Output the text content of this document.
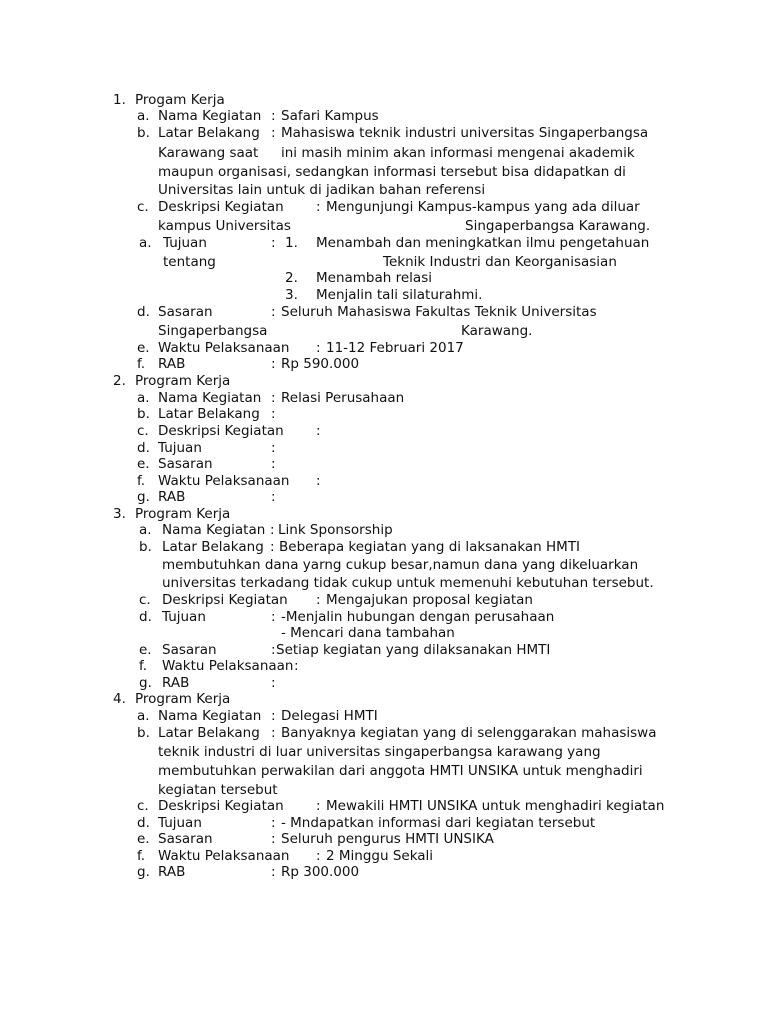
1. Progam Kerja
a. Nama Kegiatan : Safari Kampus
b. Latar Belakang : Mahasiswa teknik industri universitas Singaperbangsa
Karawang saat ini masih minim akan informasi mengenai akademik
maupun organisasi, sedangkan informasi tersebut bisa didapatkan di
Universitas lain untuk di jadikan bahan referensi
c. Deskripsi Kegiatan : Mengunjungi Kampus-kampus yang ada diluar
kampus Universitas	Singaperbangsa Karawang.
a. Tujuan	: 1. Menambah dan meningkatkan ilmu pengetahuan
tentang	Teknik Industri dan Keorganisasian
2. Menambah relasi
3. Menjalin tali silaturahmi.
d. Sasaran	: Seluruh Mahasiswa Fakultas Teknik Universitas
Singaperbangsa	Karawang.
e. Waktu Pelaksanaan : 11-12 Februari 2017
f. RAB	: Rp 590.000
2. Program Kerja
a. Nama Kegiatan : Relasi Perusahaan
b. Latar Belakang :
c. Deskripsi Kegiatan :
d. Tujuan	:
e. Sasaran	:
f. Waktu Pelaksanaan :
g. RAB	:
3. Program Kerja
a. Nama Kegiatan : Link Sponsorship
b. Latar Belakang : Beberapa kegiatan yang di laksanakan HMTI
membutuhkan dana yarng cukup besar,namun dana yang dikeluarkan
universitas terkadang tidak cukup untuk memenuhi kebutuhan tersebut.
c. Deskripsi Kegiatan : Mengajukan proposal kegiatan
d. Tujuan	: -Menjalin hubungan dengan perusahaan
- Mencari dana tambahan
e. Sasaran	: Setiap kegiatan yang dilaksanakan HMTI
f. Waktu Pelaksanaan :
g. RAB	:
4. Program Kerja
a. Nama Kegiatan : Delegasi HMTI
b. Latar Belakang : Banyaknya kegiatan yang di selenggarakan mahasiswa
teknik industri di luar universitas singaperbangsa karawang yang
membutuhkan perwakilan dari anggota HMTI UNSIKA untuk menghadiri
kegiatan tersebut
c. Deskripsi Kegiatan : Mewakili HMTI UNSIKA untuk menghadiri kegiatan
d. Tujuan	: - Mndapatkan informasi dari kegiatan tersebut
e. Sasaran	: Seluruh pengurus HMTI UNSIKA
f. Waktu Pelaksanaan : 2 Minggu Sekali
g. RAB	: Rp 300.000
